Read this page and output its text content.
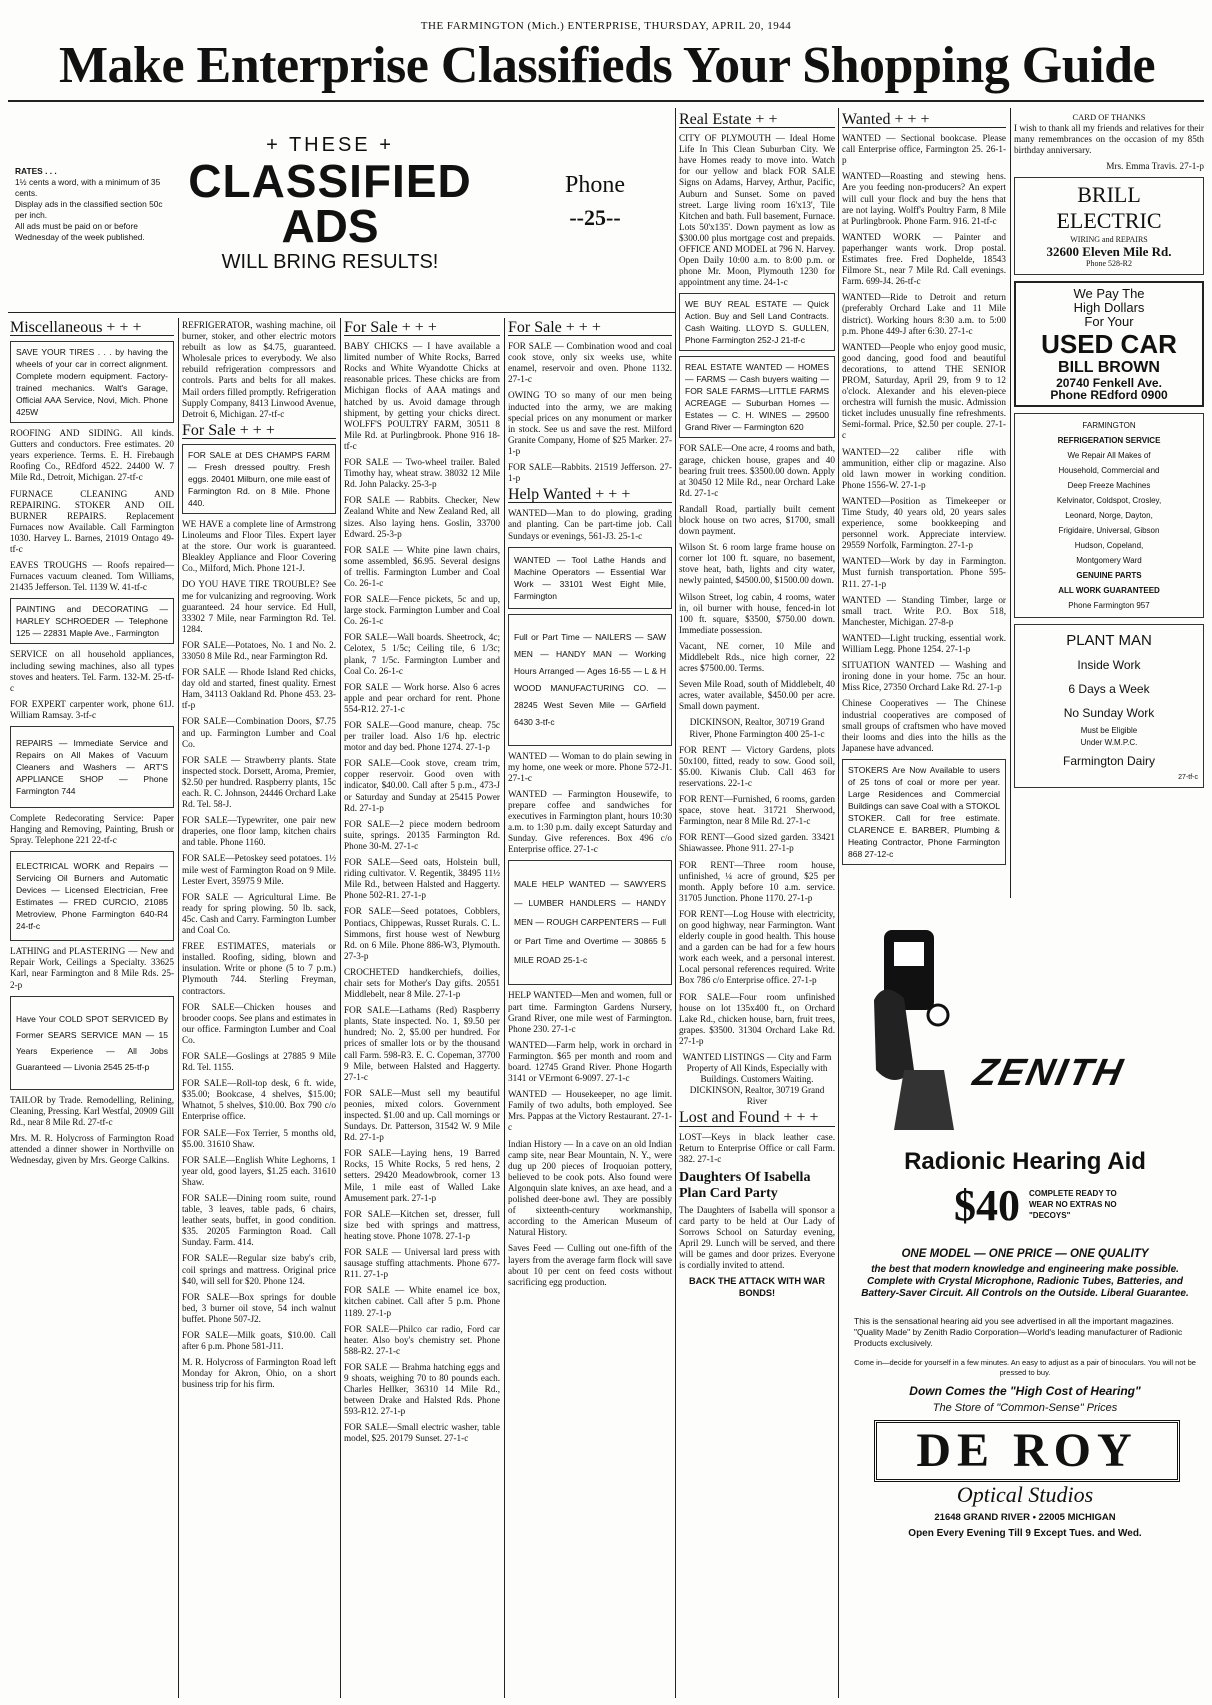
THE FARMINGTON (Mich.) ENTERPRISE, THURSDAY, APRIL 20, 1944
Make Enterprise Classifieds Your Shopping Guide
RATES . . .
1½ cents a word, with a minimum of 35 cents.
Display ads in the classified section 50c per inch.
All ads must be paid on or before Wednesday of the week published.
+ THESE +
CLASSIFIED
ADS
WILL BRING RESULTS!
Phone
--25--
Miscellaneous + + +

SAVE YOUR TIRES . . . by having the wheels of your car in correct alignment. Complete modern equipment. Factory-trained mechanics. Walt's Garage, Official AAA Service, Novi, Mich. Phone 425W

ROOFING AND SIDING. All kinds. Gutters and conductors. Free estimates. 20 years experience. Terms. E. H. Firebaugh Roofing Co., REdford 4522. 24400 W. 7 Mile Rd., Detroit, Michigan. 27-tf-c

FURNACE CLEANING AND REPAIRING. STOKER AND OIL BURNER REPAIRS. Replacement Furnaces now Available. Call Farmington 1030. Harvey L. Barnes, 21019 Ontago 49-tf-c

EAVES TROUGHS — Roofs repaired—Furnaces vacuum cleaned. Tom Williams, 21435 Jefferson. Tel. 1139 W. 41-tf-c

PAINTING and DECORATING — HARLEY SCHROEDER — Telephone 125 — 22831 Maple Ave., Farmington

SERVICE on all household appliances, including sewing machines, also all types stoves and heaters. Tel. Farm. 132-M. 25-tf-c

FOR EXPERT carpenter work, phone 61J. William Ramsay. 3-tf-c

REPAIRS — Immediate Service and Repairs on All Makes of Vacuum Cleaners and Washers — ART'S APPLIANCE SHOP — Phone Farmington 744

Complete Redecorating Service: Paper Hanging and Removing, Painting, Brush or Spray. Telephone 221 22-tf-c

ELECTRICAL WORK and Repairs — Servicing Oil Burners and Automatic Devices — Licensed Electrician, Free Estimates — FRED CURCIO, 21085 Metroview, Phone Farmington 640-R4 24-tf-c

LATHING and PLASTERING — New and Repair Work, Ceilings a Specialty. 33625 Karl, near Farmington and 8 Mile Rds. 25-2-p

Have Your COLD SPOT SERVICED By Former SEARS SERVICE MAN — 15 Years Experience — All Jobs Guaranteed — Livonia 2545 25-tf-p

TAILOR by Trade. Remodelling, Relining, Cleaning, Pressing. Karl Westfal, 20909 Gill Rd., near 8 Mile Rd. 27-tf-c

Mrs. M. R. Holycross of Farmington Road attended a dinner shower in Northville on Wednesday, given by Mrs. George Calkins.

REFRIGERATOR, washing machine, oil burner, stoker, and other electric motors rebuilt as low as $4.75, guaranteed. Wholesale prices to everybody. We also rebuild refrigeration compressors and controls. Parts and belts for all makes. Mail orders filled promptly. Refrigeration Supply Company, 8413 Linwood Avenue, Detroit 6, Michigan. 27-tf-c

For Sale + + +

FOR SALE at DES CHAMPS FARM — Fresh dressed poultry. Fresh eggs. 20401 Milburn, one mile east of Farmington Rd. on 8 Mile. Phone 440.

WE HAVE a complete line of Armstrong Linoleums and Floor Tiles. Expert layer at the store. Our work is guaranteed. Bleakley Appliance and Floor Covering Co., Milford, Mich. Phone 121-J.

DO YOU HAVE TIRE TROUBLE? See me for vulcanizing and regrooving. Work guaranteed. 24 hour service. Ed Hull, 33302 7 Mile, near Farmington Rd. Tel. 1284.

FOR SALE—Potatoes, No. 1 and No. 2. 33050 8 Mile Rd., near Farmington Rd.

FOR SALE — Rhode Island Red chicks, day old and started, finest quality. Ernest Ham, 34113 Oakland Rd. Phone 453. 23-tf-p

FOR SALE—Combination Doors, $7.75 and up. Farmington Lumber and Coal Co.

FOR SALE — Strawberry plants. State inspected stock. Dorsett, Aroma, Premier, $2.50 per hundred. Raspberry plants, 15c each. R. C. Johnson, 24446 Orchard Lake Rd. Tel. 58-J.

FOR SALE—Typewriter, one pair new draperies, one floor lamp, kitchen chairs and table. Phone 1160.

FOR SALE—Petoskey seed potatoes. 1½ mile west of Farmington Road on 9 Mile. Lester Evert, 35975 9 Mile.

FOR SALE — Agricultural Lime. Be ready for spring plowing. 50 lb. sack, 45c. Cash and Carry. Farmington Lumber and Coal Co.

FREE ESTIMATES, materials or installed. Roofing, siding, blown and insulation. Write or phone (5 to 7 p.m.) Plymouth 744. Sterling Freyman, contractors.

FOR SALE—Chicken houses and brooder coops. See plans and estimates in our office. Farmington Lumber and Coal Co.

FOR SALE—Goslings at 27885 9 Mile Rd. Tel. 1155.

FOR SALE—Roll-top desk, 6 ft. wide, $35.00; Bookcase, 4 shelves, $15.00; Whatnot, 5 shelves, $10.00. Box 790 c/o Enterprise office.

FOR SALE—Fox Terrier, 5 months old, $5.00. 31610 Shaw.

FOR SALE—English White Leghorns, 1 year old, good layers, $1.25 each. 31610 Shaw.

FOR SALE—Dining room suite, round table, 3 leaves, table pads, 6 chairs, leather seats, buffet, in good condition. $35. 20205 Farmington Road. Call Sunday. Farm. 414.

FOR SALE—Regular size baby's crib, coil springs and mattress. Original price $40, will sell for $20. Phone 124.

FOR SALE—Box springs for double bed, 3 burner oil stove, 54 inch walnut buffet. Phone 507-J2.

FOR SALE—Milk goats, $10.00. Call after 6 p.m. Phone 581-J11.

M. R. Holycross of Farmington Road left Monday for Akron, Ohio, on a short business trip for his firm.

For Sale + + +

BABY CHICKS — I have available a limited number of White Rocks, Barred Rocks and White Wyandotte Chicks at reasonable prices. These chicks are from Michigan flocks of AAA matings and hatched by us. Avoid damage through shipment, by getting your chicks direct. WOLFF'S POULTRY FARM, 30511 8 Mile Rd. at Purlingbrook. Phone 916 18-tf-c

FOR SALE — Two-wheel trailer. Baled Timothy hay, wheat straw. 38032 12 Mile Rd. John Palacky. 25-3-p

FOR SALE — Rabbits. Checker, New Zealand White and New Zealand Red, all sizes. Also laying hens. Goslin, 33700 Edward. 25-3-p

FOR SALE — White pine lawn chairs, some assembled, $6.95. Several designs of trellis. Farmington Lumber and Coal Co. 26-1-c

FOR SALE—Fence pickets, 5c and up, large stock. Farmington Lumber and Coal Co. 26-1-c

FOR SALE—Wall boards. Sheetrock, 4c; Celotex, 5 1/5c; Ceiling tile, 6 1/3c; plank, 7 1/5c. Farmington Lumber and Coal Co. 26-1-c

FOR SALE — Work horse. Also 6 acres apple and pear orchard for rent. Phone 554-R12. 27-1-c

FOR SALE—Good manure, cheap. 75c per trailer load. Also 1/6 hp. electric motor and day bed. Phone 1274. 27-1-p

FOR SALE—Cook stove, cream trim, copper reservoir. Good oven with indicator, $40.00. Call after 5 p.m., 473-J or Saturday and Sunday at 25415 Power Rd. 27-1-p

FOR SALE—2 piece modern bedroom suite, springs. 20135 Farmington Rd. Phone 30-M. 27-1-c

FOR SALE—Seed oats, Holstein bull, riding cultivator. V. Regentik, 38495 11½ Mile Rd., between Halsted and Haggerty. Phone 502-R1. 27-1-p

FOR SALE—Seed potatoes, Cobblers, Pontiacs, Chippewas, Russet Rurals. C. L. Simmons, first house west of Newburg Rd. on 6 Mile. Phone 886-W3, Plymouth. 27-3-p

CROCHETED handkerchiefs, doilies, chair sets for Mother's Day gifts. 20551 Middlebelt, near 8 Mile. 27-1-p

FOR SALE—Lathams (Red) Raspberry plants, State inspected. No. 1, $9.50 per hundred; No. 2, $5.00 per hundred. For prices of smaller lots or by the thousand call Farm. 598-R3. E. C. Copeman, 37700 9 Mile, between Halsted and Haggerty. 27-1-c

FOR SALE—Must sell my beautiful peonies, mixed colors. Government inspected. $1.00 and up. Call mornings or Sundays. Dr. Patterson, 31542 W. 9 Mile Rd. 27-1-p

FOR SALE—Laying hens, 19 Barred Rocks, 15 White Rocks, 5 red hens, 2 setters. 29420 Meadowbrook, corner 13 Mile, 1 mile east of Walled Lake Amusement park. 27-1-p

FOR SALE—Kitchen set, dresser, full size bed with springs and mattress, heating stove. Phone 1078. 27-1-p

FOR SALE — Universal lard press with sausage stuffing attachments. Phone 677-R11. 27-1-p

FOR SALE — White enamel ice box, kitchen cabinet. Call after 5 p.m. Phone 1189. 27-1-p

FOR SALE—Philco car radio, Ford car heater. Also boy's chemistry set. Phone 588-R2. 27-1-c

FOR SALE — Brahma hatching eggs and 9 shoats, weighing 70 to 80 pounds each. Charles Hellker, 36310 14 Mile Rd., between Drake and Halsted Rds. Phone 593-R12. 27-1-p

FOR SALE—Small electric washer, table model, $25. 20179 Sunset. 27-1-c

For Sale + + +

FOR SALE — Combination wood and coal cook stove, only six weeks use, white enamel, reservoir and oven. Phone 1132. 27-1-c

OWING TO so many of our men being inducted into the army, we are making special prices on any monument or marker in stock. See us and save the rest. Milford Granite Company, Home of $25 Marker. 27-1-p

FOR SALE—Rabbits. 21519 Jefferson. 27-1-p

Help Wanted + + +

WANTED—Man to do plowing, grading and planting. Can be part-time job. Call Sundays or evenings, 561-J3. 25-1-c

WANTED — Tool Lathe Hands and Machine Operators — Essential War Work — 33101 West Eight Mile, Farmington

Full or Part Time — NAILERS — SAW MEN — HANDY MAN — Working Hours Arranged — Ages 16-55 — L & H WOOD MANUFACTURING CO. — 28245 West Seven Mile — GArfield 6430 3-tf-c

WANTED — Woman to do plain sewing in my home, one week or more. Phone 572-J1. 27-1-c

WANTED — Farmington Housewife, to prepare coffee and sandwiches for executives in Farmington plant, hours 10:30 a.m. to 1:30 p.m. daily except Saturday and Sunday. Give references. Box 496 c/o Enterprise office. 27-1-c

MALE HELP WANTED — SAWYERS — LUMBER HANDLERS — HANDY MEN — ROUGH CARPENTERS — Full or Part Time and Overtime — 30865 5 MILE ROAD 25-1-c

HELP WANTED—Men and women, full or part time. Farmington Gardens Nursery, Grand River, one mile west of Farmington. Phone 230. 27-1-c

WANTED—Farm help, work in orchard in Farmington. $65 per month and room and board. 12745 Grand River. Phone Hogarth 3141 or VErmont 6-9097. 27-1-c

WANTED — Housekeeper, no age limit. Family of two adults, both employed. See Mrs. Pappas at the Victory Restaurant. 27-1-c

Indian History — In a cave on an old Indian camp site, near Bear Mountain, N. Y., were dug up 200 pieces of Iroquoian pottery, believed to be cook pots. Also found were Algonquin slate knives, an axe head, and a polished deer-bone awl. They are possibly of sixteenth-century workmanship, according to the American Museum of Natural History.

Saves Feed — Culling out one-fifth of the layers from the average farm flock will save about 10 per cent on feed costs without sacrificing egg production.

Real Estate + +

CITY OF PLYMOUTH — Ideal Home Life In This Clean Suburban City. We have Homes ready to move into. Watch for our yellow and black FOR SALE Signs on Adams, Harvey, Arthur, Pacific, Auburn and Sunset. Some on paved street. Large living room 16'x13', Tile Kitchen and bath. Full basement, Furnace. Lots 50'x135'. Down payment as low as $300.00 plus mortgage cost and prepaids. OFFICE AND MODEL at 796 N. Harvey. Open Daily 10:00 a.m. to 8:00 p.m. or phone Mr. Moon, Plymouth 1230 for appointment any time. 24-1-c

WE BUY REAL ESTATE — Quick Action. Buy and Sell Land Contracts. Cash Waiting. LLOYD S. GULLEN, Phone Farmington 252-J 21-tf-c

REAL ESTATE WANTED — HOMES — FARMS — Cash buyers waiting — FOR SALE FARMS—LITTLE FARMS ACREAGE — Suburban Homes — Estates — C. H. WINES — 29500 Grand River — Farmington 620

FOR SALE—One acre, 4 rooms and bath, garage, chicken house, grapes and 40 bearing fruit trees. $3500.00 down. Apply at 30450 12 Mile Rd., near Orchard Lake Rd. 27-1-c

Randall Road, partially built cement block house on two acres, $1700, small down payment.

Wilson St. 6 room large frame house on corner lot 100 ft. square, no basement, stove heat, bath, lights and city water, newly painted, $4500.00, $1500.00 down.

Wilson Street, log cabin, 4 rooms, water in, oil burner with house, fenced-in lot 100 ft. square, $3500, $750.00 down. Immediate possession.

Vacant, NE corner, 10 Mile and Middlebelt Rds., nice high corner, 22 acres $7500.00. Terms.

Seven Mile Road, south of Middlebelt, 40 acres, water available, $450.00 per acre. Small down payment.

DICKINSON, Realtor, 30719 Grand River, Phone Farmington 400 25-1-c

FOR RENT — Victory Gardens, plots 50x100, fitted, ready to sow. Good soil, $5.00. Kiwanis Club. Call 463 for reservations. 22-1-c

FOR RENT—Furnished, 6 rooms, garden space, stove heat. 31721 Sherwood, Farmington, near 8 Mile Rd. 27-1-c

FOR RENT—Good sized garden. 33421 Shiawassee. Phone 911. 27-1-p

FOR RENT—Three room house, unfinished, ¼ acre of ground, $25 per month. Apply before 10 a.m. service. 31705 Junction. Phone 1170. 27-1-p

FOR RENT—Log House with electricity, on good highway, near Farmington. Want elderly couple in good health. This house and a garden can be had for a few hours work each week, and a personal interest. Local personal references required. Write Box 786 c/o Enterprise office. 27-1-p

FOR SALE—Four room unfinished house on lot 135x400 ft., on Orchard Lake Rd., chicken house, barn, fruit trees, grapes. $3500. 31304 Orchard Lake Rd. 27-1-p

WANTED LISTINGS — City and Farm Property of All Kinds, Especially with Buildings. Customers Waiting. DICKINSON, Realtor, 30719 Grand River

Lost and Found + + +

LOST—Keys in black leather case. Return to Enterprise Office or call Farm. 382. 27-1-c

Daughters Of Isabella Plan Card Party

The Daughters of Isabella will sponsor a card party to be held at Our Lady of Sorrows School on Saturday evening, April 29. Lunch will be served, and there will be games and door prizes. Everyone is cordially invited to attend.

BACK THE ATTACK WITH WAR BONDS!

Wanted + + +

WANTED — Sectional bookcase. Please call Enterprise office, Farmington 25. 26-1-p

WANTED—Roasting and stewing hens. Are you feeding non-producers? An expert will cull your flock and buy the hens that are not laying. Wolff's Poultry Farm, 8 Mile at Purlingbrook. Phone Farm. 916. 21-tf-c

WANTED WORK — Painter and paperhanger wants work. Drop postal. Estimates free. Fred Dophelde, 18543 Filmore St., near 7 Mile Rd. Call evenings. Farm. 699-J4. 26-tf-c

WANTED—Ride to Detroit and return (preferably Orchard Lake and 11 Mile district). Working hours 8:30 a.m. to 5:00 p.m. Phone 449-J after 6:30. 27-1-c

WANTED—People who enjoy good music, good dancing, good food and beautiful decorations, to attend THE SENIOR PROM, Saturday, April 29, from 9 to 12 o'clock. Alexander and his eleven-piece orchestra will furnish the music. Admission ticket includes unusually fine refreshments. Semi-formal. Price, $2.50 per couple. 27-1-c

WANTED—22 caliber rifle with ammunition, either clip or magazine. Also old lawn mower in working condition. Phone 1556-W. 27-1-p

WANTED—Position as Timekeeper or Time Study, 40 years old, 20 years sales experience, some bookkeeping and personnel work. Appreciate interview. 29559 Norfolk, Farmington. 27-1-p

WANTED—Work by day in Farmington. Must furnish transportation. Phone 595-R11. 27-1-p

WANTED — Standing Timber, large or small tract. Write P.O. Box 518, Manchester, Michigan. 27-8-p

WANTED—Light trucking, essential work. William Legg. Phone 1254. 27-1-p

SITUATION WANTED — Washing and ironing done in your home. 75c an hour. Miss Rice, 27350 Orchard Lake Rd. 27-1-p

Chinese Cooperatives — The Chinese industrial cooperatives are composed of small groups of craftsmen who have moved their looms and dies into the hills as the Japanese have advanced.

STOKERS Are Now Available to users of 25 tons of coal or more per year. Large Residences and Commercial Buildings can save Coal with a STOKOL STOKER. Call for free estimate. CLARENCE E. BARBER, Plumbing & Heating Contractor, Phone Farmington 868 27-12-c

CARD OF THANKS

I wish to thank all my friends and relatives for their many remembrances on the occasion of my 85th birthday anniversary.

Mrs. Emma Travis. 27-1-p

BRILL
ELECTRIC
WIRING and REPAIRS
32600 Eleven Mile Rd.
Phone 528-R2
We Pay The
High Dollars
For Your
USED CAR
BILL BROWN
20740 Fenkell Ave.
Phone REdford 0900
FARMINGTON
REFRIGERATION SERVICE
We Repair All Makes of
Household, Commercial and
Deep Freeze Machines
Kelvinator, Coldspot, Crosley,
Leonard, Norge, Dayton,
Frigidaire, Universal, Gibson
Hudson, Copeland,
Montgomery Ward
GENUINE PARTS
ALL WORK GUARANTEED
Phone Farmington 957
PLANT MAN
Inside Work
6 Days a Week
No Sunday Work
Must be Eligible
Under W.M.P.C.
Farmington Dairy
27-tf-c
ZENITH
Radionic Hearing Aid
$40 COMPLETE READY TO WEAR NO EXTRAS NO "DECOYS"
ONE MODEL — ONE PRICE — ONE QUALITY
the best that modern knowledge and engineering make possible. Complete with Crystal Microphone, Radionic Tubes, Batteries, and Battery-Saver Circuit. All Controls on the Outside. Liberal Guarantee.
This is the sensational hearing aid you see advertised in all the important magazines. "Quality Made" by Zenith Radio Corporation—World's leading manufacturer of Radionic Products exclusively.
Come in—decide for yourself in a few minutes. An easy to adjust as a pair of binoculars. You will not be pressed to buy.
Down Comes the "High Cost of Hearing"
The Store of "Common-Sense" Prices
DE ROY
Optical Studios
21648 GRAND RIVER • 22005 MICHIGAN
Open Every Evening Till 9 Except Tues. and Wed.
